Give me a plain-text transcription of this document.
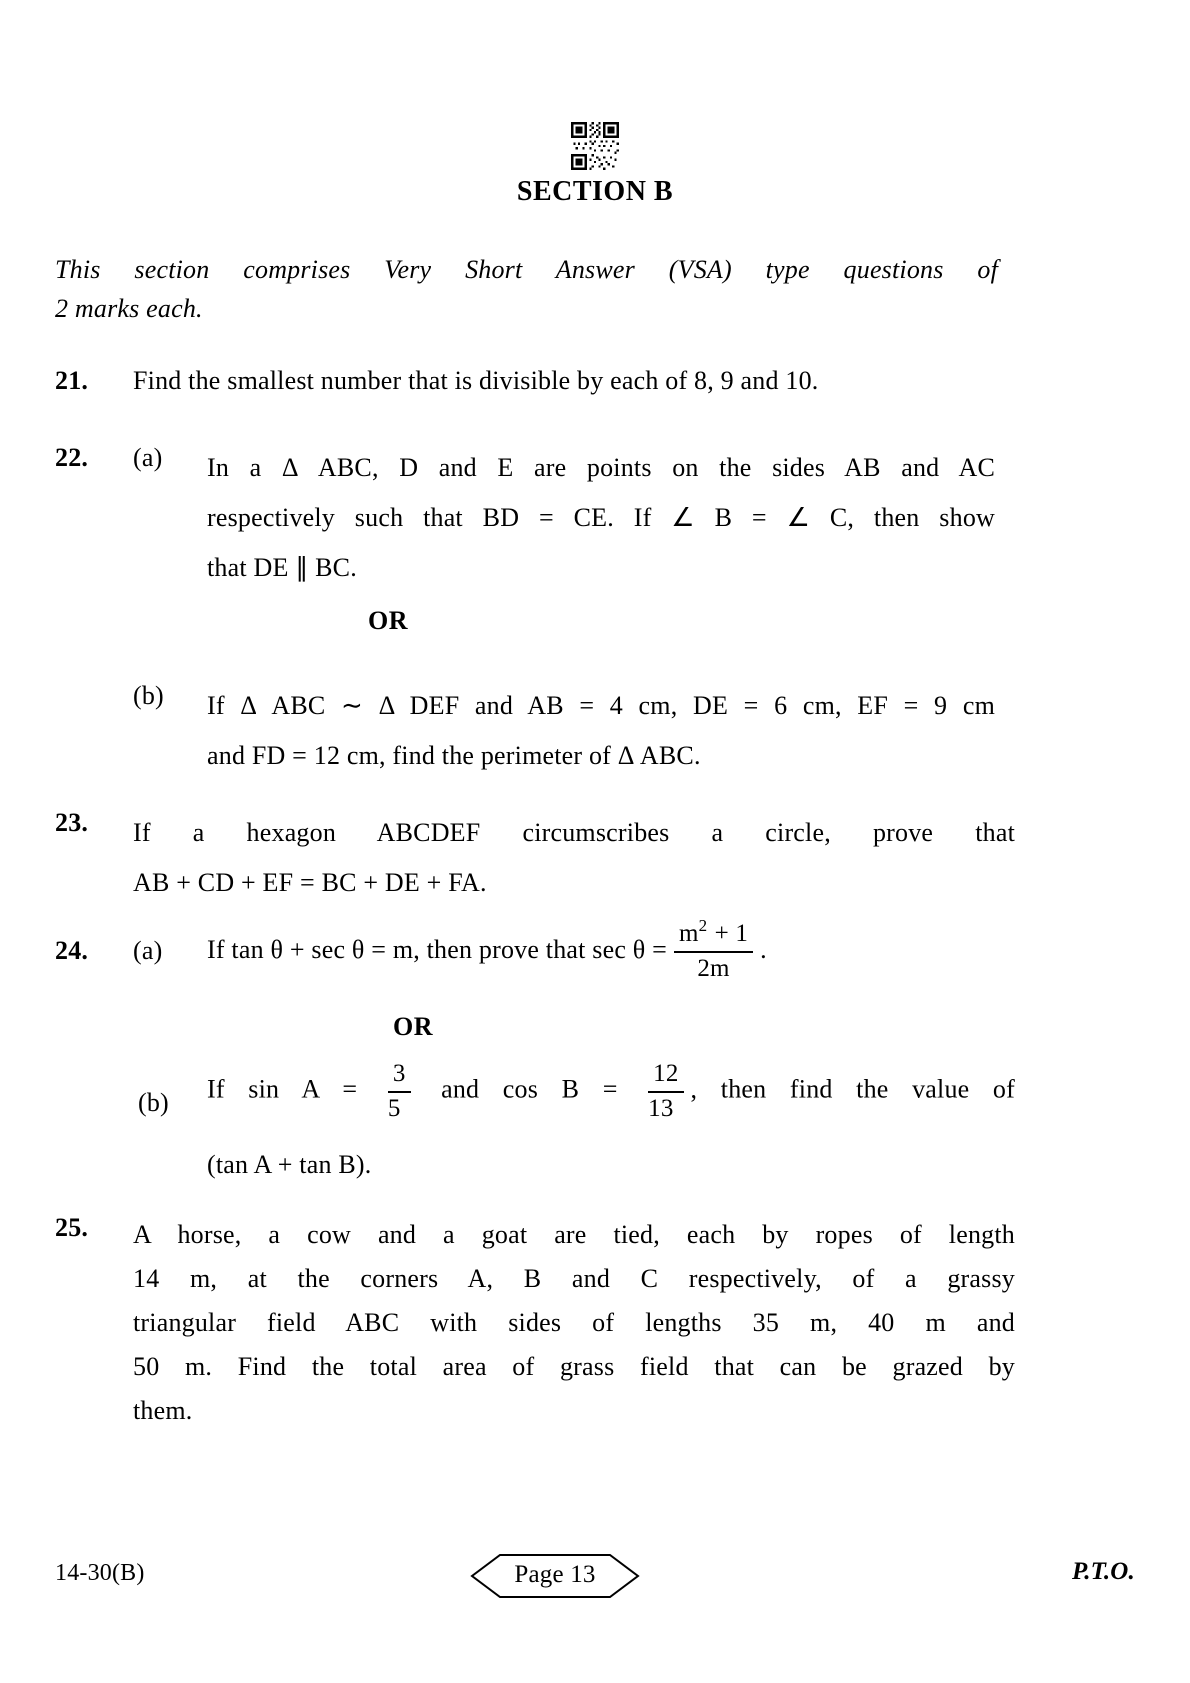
SECTION B
This section comprises Very Short Answer (VSA) type questions of
2 marks each.
21. Find the smallest number that is divisible by each of 8, 9 and 10.
22. (a) In a Δ ABC, D and E are points on the sides AB and AC
respectively such that BD = CE. If ∠ B = ∠ C, then show
that DE ∥ BC.
OR
(b) If Δ ABC ∼ Δ DEF and AB = 4 cm, DE = 6 cm, EF = 9 cm
and FD = 12 cm, find the perimeter of Δ ABC.
23. If a hexagon ABCDEF circumscribes a circle, prove that
AB + CD + EF = BC + DE + FA.
24. (a) If tan θ + sec θ = m, then prove that $\sec \theta = \frac{m^2 + 1}{2m}$ .
OR
(b) If $\sin A = \frac{3}{5}$ and $\cos B = \frac{12}{13}$ , then find the value of
(tan A + tan B).
25. A horse, a cow and a goat are tied, each by ropes of length
14 m, at the corners A, B and C respectively, of a grassy
triangular field ABC with sides of lengths 35 m, 40 m and
50 m. Find the total area of grass field that can be grazed by
them.
14-30(B)	Page 13	P.T.O.
